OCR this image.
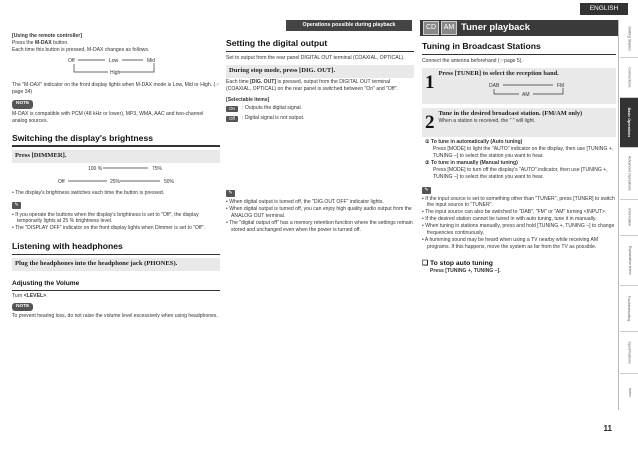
ENGLISH
Operations possible during playback
[Using the remote controller]
Press the M-DAX button.
Each time this button is pressed, M-DAX changes as follows.
Off	Low	Mid
High
The "M-DAX" indicator on the front display lights when M-DAX mode is Low, Mid or High. (☞page 34)
NOTE
M-DAX is compatible with PCM (48 kHz or lower), MP3, WMA, AAC and two-channel analog sources.
Switching the display's brightness
Press [DIMMER].
100 %	75%
Off	25%	50%
• The display's brightness switches each time the button is pressed.
✎
• If you operate the buttons when the display's brightness is set to "Off", the display temporarily lights at 25 % brightness level.
• The "DISPLAY OFF" indicator on the front display lights when Dimmer is set to "Off".
Listening with headphones
Plug the headphones into the headphone jack (PHONES).
Adjusting the Volume
Turn <LEVEL>.
NOTE
To prevent hearing loss, do not raise the volume level excessively when using headphones.
Setting the digital output
Set to output from the rear panel DIGITAL OUT terminal (COAXIAL, OPTICAL).
During stop mode, press [DIG. OUT].
Each time [DIG. OUT] is pressed, output from the DIGITAL OUT terminal (COAXIAL, OPTICAL) on the rear panel is switched between "On" and "Off".
[Selectable items]
On	: Outputs the digital signal.
Off	: Digital signal is not output.
✎
• When digital output is turned off, the "DIG.OUT OFF" indicator lights.
• When digital output is turned off, you can enjoy high quality audio output from the ANALOG OUT terminal.
• The "digital output off" has a memory retention function where the settings remain stored and unchanged even when the power is turned off.
CD	AM Tuner playback
Tuning in Broadcast Stations
Connect the antenna beforehand (☞page 5).
1 Press [TUNER] to select the reception band.
DAB	FM
AM
2 Tune in the desired broadcast station. (FM/AM only)
When a station is received, the " " will light.
① To tune in automatically (Auto tuning)
Press [MODE] to light the "AUTO" indicator on the display, then use [TUNING +, TUNING –] to select the station you want to hear.
② To tune in manually (Manual tuning)
Press [MODE] to turn off the display's "AUTO" indicator, then use [TUNING +, TUNING –] to select the station you want to hear.
✎
• If the input source is set to something other than "TUNER", press [TUNER] to switch the input source to "TUNER".
• The input source can also be switched to "DAB", "FM" or "AM" turning <INPUT>.
• If the desired station cannot be tuned in with auto tuning, tune it in manually.
• When tuning in stations manually, press and hold [TUNING +, TUNING –] to change frequencies continuously.
• A humming sound may be heard when using a TV nearby while receiving AM programs. If this happens, move the system as far from the TV as possible.
❑ To stop auto tuning
Press [TUNING +, TUNING –].
Getting Started
Connections
Basic Operations
Advanced Operations
Information
Explanation terms
Troubleshooting
Specifications
Index
11
